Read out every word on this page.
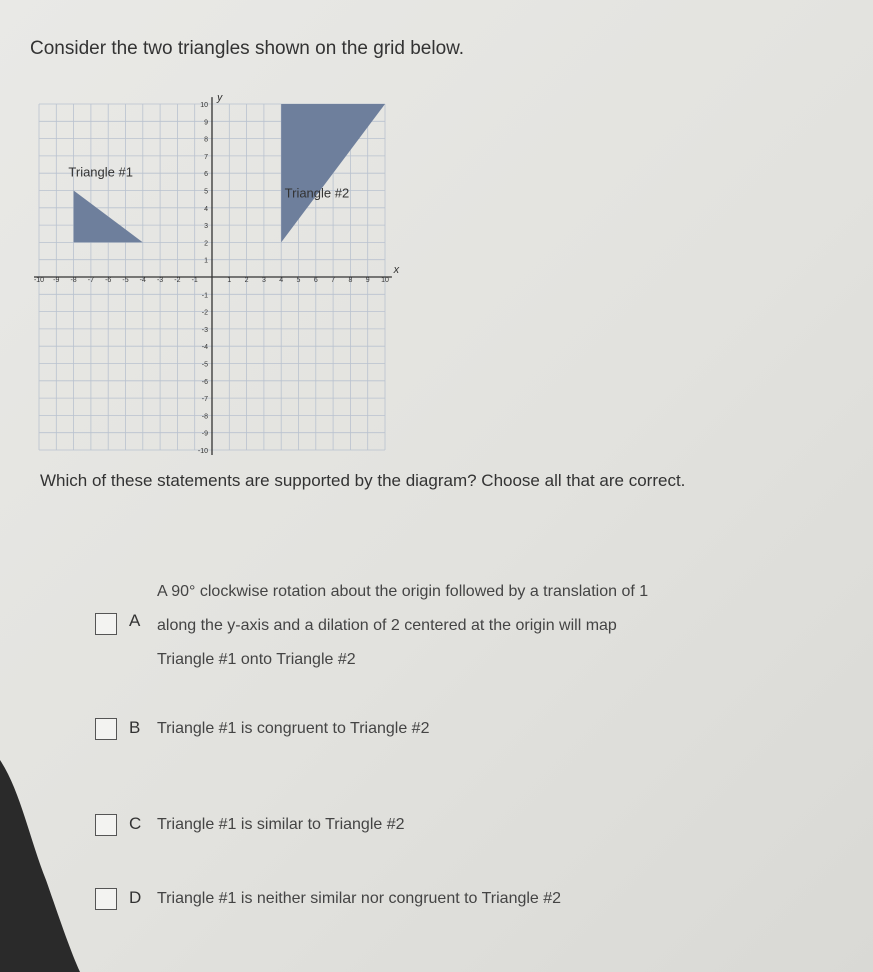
Consider the two triangles shown on the grid below.
-10 -9 -8 -7 -6 -5 -4 -3 -2 -1	1 2 3 4 5 6 7 8 9 10
10
9
8
7
6
5
4
3
2
1
-1
-2
-3
-4
-5
-6
-7
-8
-9
-10
Triangle #1
Triangle #2
x
y
Which of these statements are supported by the diagram? Choose all that are correct.
A
A 90° clockwise rotation about the origin followed by a translation of 1
along the y-axis and a dilation of 2 centered at the origin will map
Triangle #1 onto Triangle #2
B	Triangle #1 is congruent to Triangle #2
C Triangle #1 is similar to Triangle #2
D Triangle #1 is neither similar nor congruent to Triangle #2
